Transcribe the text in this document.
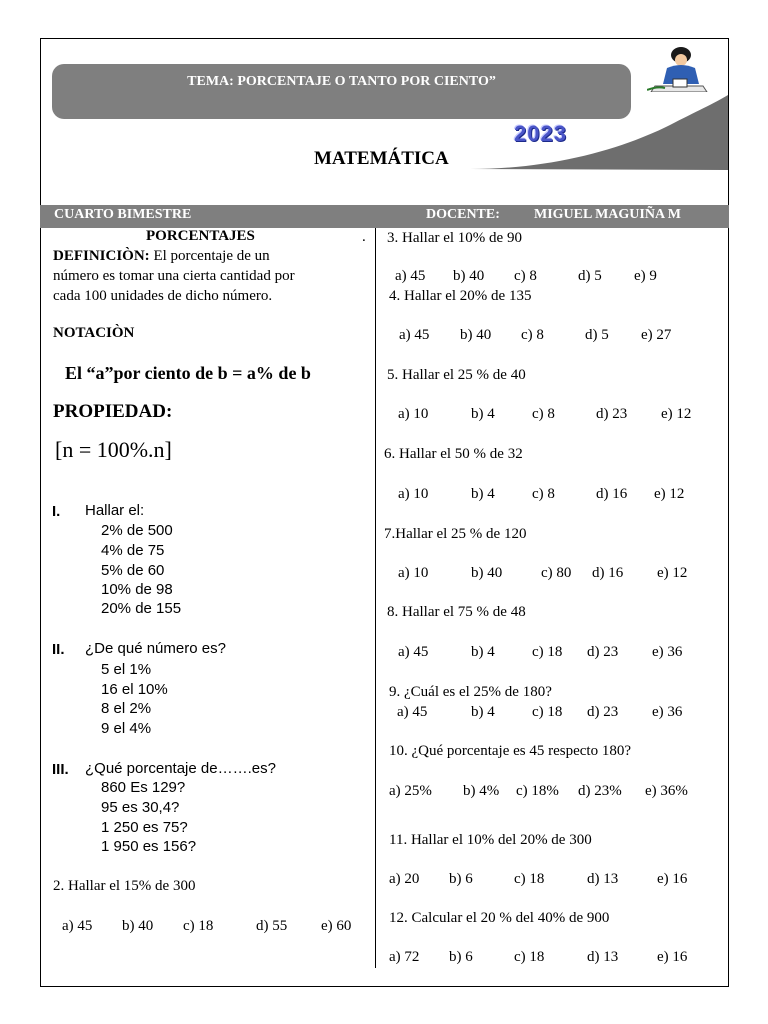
TEMA: PORCENTAJE O TANTO POR CIENTO”
2023
MATEMÁTICA
CUARTO BIMESTRE	DOCENTE: MIGUEL MAGUIÑA M
PORCENTAJES	.
DEFINICIÒN: El porcentaje de un
número es tomar una cierta cantidad por
cada 100 unidades de dicho número.
NOTACIÒN
El “a”por ciento de b = a% de b
PROPIEDAD:
[n = 100%.n]
I. Hallar el:
2% de 500
4% de 75
5% de 60
10% de 98
20% de 155
II. ¿De qué número es?
5 el 1%
16 el 10%
8 el 2%
9 el 4%
III. ¿Qué porcentaje de…….es?
860 Es 129?
95 es 30,4?
1 250 es 75?
1 950 es 156?
2. Hallar el 15% de 300
a) 45 b) 40 c) 18	d) 55 e) 60
3. Hallar el 10% de 90
a) 45 b) 40 c) 8	d) 5 e) 9
4. Hallar el 20% de 135
a) 45 b) 40 c) 8	d) 5 e) 27
5. Hallar el 25 % de 40
a) 10	b) 4 c) 8	d) 23 e) 12
6. Hallar el 50 % de 32
a) 10	b) 4 c) 8	d) 16 e) 12
7.Hallar el 25 % de 120
a) 10	b) 40	c) 80 d) 16 e) 12
8. Hallar el 75 % de 48
a) 45	b) 4 c) 18 d) 23 e) 36
9. ¿Cuál es el 25% de 180?
a) 45	b) 4 c) 18 d) 23 e) 36
10. ¿Qué porcentaje es 45 respecto 180?
a) 25% b) 4% c) 18% d) 23% e) 36%
11. Hallar el 10% del 20% de 300
a) 20 b) 6	c) 18	d) 13	e) 16
12. Calcular el 20 % del 40% de 900
a) 72 b) 6	c) 18	d) 13	e) 16
